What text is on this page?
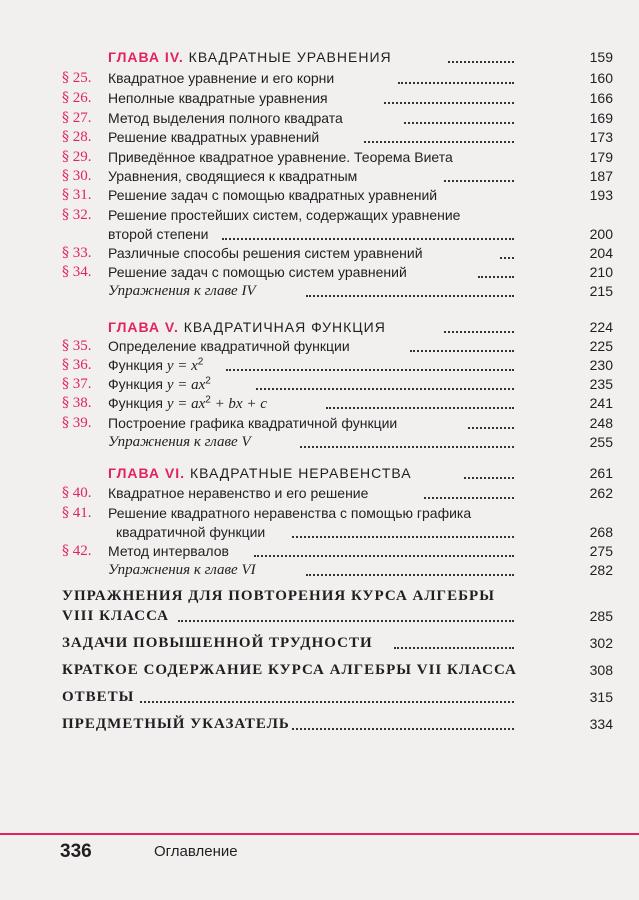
ГЛАВА IV. КВАДРАТНЫЕ УРАВНЕНИЯ	159
§ 25. Квадратное уравнение и его корни	160
§ 26. Неполные квадратные уравнения	166
§ 27. Метод выделения полного квадрата	169
§ 28. Решение квадратных уравнений	173
§ 29. Приведённое квадратное уравнение. Теорема Виета	179
§ 30. Уравнения, сводящиеся к квадратным	187
§ 31. Решение задач с помощью квадратных уравнений	193
§ 32. Решение простейших систем, содержащих уравнение
второй степени	200
§ 33. Различные способы решения систем уравнений	204
§ 34. Решение задач с помощью систем уравнений	210
Упражнения к главе IV	215
ГЛАВА V. КВАДРАТИЧНАЯ ФУНКЦИЯ	224
§ 35. Определение квадратичной функции	225
§ 36. Функция $y = x^2$	230
§ 37. Функция $y = ax^2$	235
§ 38. Функция $y = ax^2$ + bx + c	241
§ 39. Построение графика квадратичной функции	248
Упражнения к главе V	255
ГЛАВА VI. КВАДРАТНЫЕ НЕРАВЕНСТВА	261
§ 40. Квадратное неравенство и его решение	262
§ 41. Решение квадратного неравенства с помощью графика
квадратичной функции	268
§ 42. Метод интервалов	275
Упражнения к главе VI	282
УПРАЖНЕНИЯ ДЛЯ ПОВТОРЕНИЯ КУРСА АЛГЕБРЫ
VIII КЛАССА	285
ЗАДАЧИ ПОВЫШЕННОЙ ТРУДНОСТИ	302
КРАТКОЕ СОДЕРЖАНИЕ КУРСА АЛГЕБРЫ VII КЛАССА	308
ОТВЕТЫ	315
ПРЕДМЕТНЫЙ УКАЗАТЕЛЬ	334
336	Оглавление
